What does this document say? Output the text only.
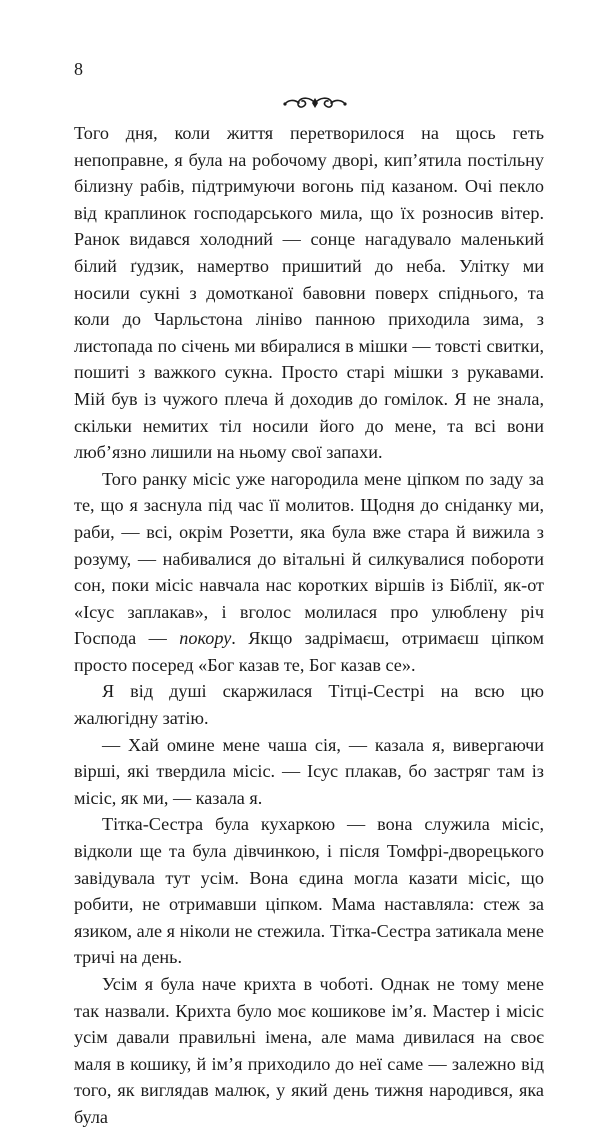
8

Того дня, коли життя перетворилося на щось геть непоправне, я була на робочому дворі, кип’ятила постільну білизну рабів, підтримуючи вогонь під казаном. Очі пекло від краплинок господарського мила, що їх розносив вітер. Ранок видався холодний — сонце нагадувало маленький білий ґудзик, намертво пришитий до неба. Улітку ми носили сукні з домотканої бавовни поверх спіднього, та коли до Чарльстона лініво панною приходила зима, з листопада по січень ми вбиралися в мішки — товсті свитки, пошиті з важкого сукна. Просто старі мішки з рукавами. Мій був із чужого плеча й доходив до гомілок. Я не знала, скільки немитих тіл носили його до мене, та всі вони люб’язно лишили на ньому свої запахи.

Того ранку місіс уже нагородила мене ціпком по заду за те, що я заснула під час її молитов. Щодня до сніданку ми, раби, — всі, окрім Розетти, яка була вже стара й вижила з розуму, — набивалися до вітальні й силкувалися побороти сон, поки місіс навчала нас коротких віршів із Біблії, як-от «Ісус заплакав», і вголос молилася про улюблену річ Господа — покору. Якщо задрімаєш, отримаєш ціпком просто посеред «Бог казав те, Бог казав се».

Я від душі скаржилася Тітці-Сестрі на всю цю жалюгідну затію.

— Хай омине мене чаша сія, — казала я, вивергаючи вірші, які твердила місіс. — Ісус плакав, бо застряг там із місіс, як ми, — казала я.

Тітка-Сестра була кухаркою — вона служила місіс, відколи ще та була дівчинкою, і після Томфрі-дворецького завідувала тут усім. Вона єдина могла казати місіс, що робити, не отримавши ціпком. Мама наставляла: стеж за язиком, але я ніколи не стежила. Тітка-Сестра затикала мене тричі на день.

Усім я була наче крихта в чоботі. Однак не тому мене так назвали. Крихта було моє кошикове ім’я. Мастер і місіс усім давали правильні імена, але мама дивилася на своє маля в кошику, й ім’я приходило до неї саме — залежно від того, як виглядав малюк, у який день тижня народився, яка була
